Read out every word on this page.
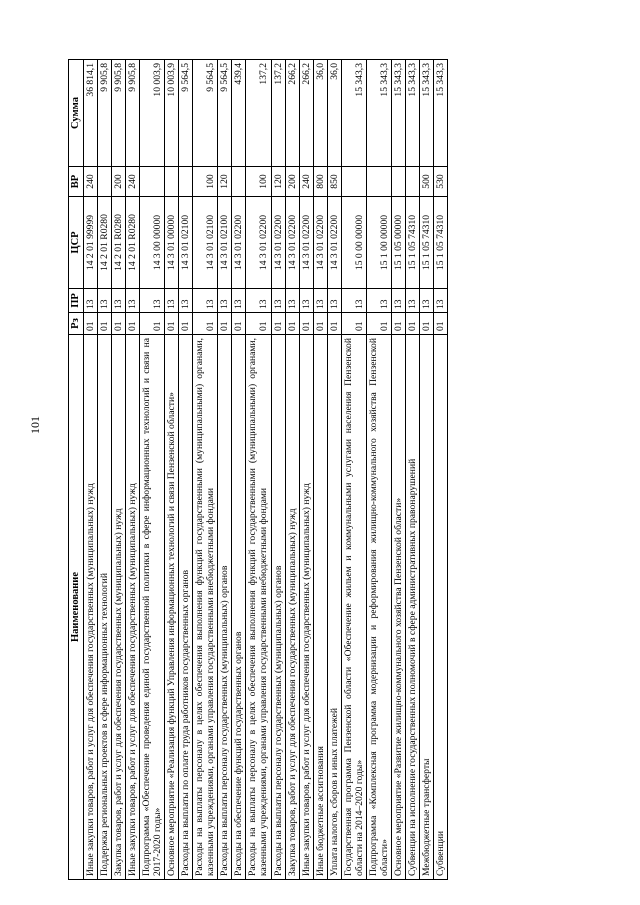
101
Наименование	Рз	ПР	ЦСР	ВР	Сумма
Иные закупки товаров, работ и услуг для обеспечения государственных (муниципальных) нужд	01	13	14 2 01 99999	240	36 814,1
Поддержка региональных проектов в сфере информационных технологий	01	13	14 2 01 R0280		9 905,8
Закупка товаров, работ и услуг для обеспечения государственных (муниципальных) нужд	01	13	14 2 01 R0280	200	9 905,8
Иные закупки товаров, работ и услуг для обеспечения государственных (муниципальных) нужд	01	13	14 2 01 R0280	240	9 905,8
Подпрограмма «Обеспечение проведения единой государственной политики в сфере информационных технологий и связи на 2017-2020 годы»	01	13	14 3 00 00000		10 003,9
Основное мероприятие «Реализация функций Управления информационных технологий и связи Пензенской области»	01	13	14 3 01 00000		10 003,9
Расходы на выплаты по оплате труда работников государственных органов	01	13	14 3 01 02100		9 564,5
Расходы на выплаты персоналу в целях обеспечения выполнения функций государственными (муниципальными) органами, казенными учреждениями, органами управления государственными внебюджетными фондами	01	13	14 3 01 02100	100	9 564,5
Расходы на выплаты персоналу государственных (муниципальных) органов	01	13	14 3 01 02100	120	9 564,5
Расходы на обеспечение функций государственных органов	01	13	14 3 01 02200		439,4
Расходы на выплаты персоналу в целях обеспечения выполнения функций государственными (муниципальными) органами, казенными учреждениями, органами управления государственными внебюджетными фондами	01	13	14 3 01 02200	100	137,2
Расходы на выплаты персоналу государственных (муниципальных) органов	01	13	14 3 01 02200	120	137,2
Закупка товаров, работ и услуг для обеспечения государственных (муниципальных) нужд	01	13	14 3 01 02200	200	266,2
Иные закупки товаров, работ и услуг для обеспечения государственных (муниципальных) нужд	01	13	14 3 01 02200	240	266,2
Иные бюджетные ассигнования	01	13	14 3 01 02200	800	36,0
Уплата налогов, сборов и иных платежей	01	13	14 3 01 02200	850	36,0
Государственная программа Пензенской области «Обеспечение жильем и коммунальными услугами населения Пензенской области на 2014–2020 годы»	01	13	15 0 00 00000		15 343,3
Подпрограмма «Комплексная программа модернизации и реформирования жилищно-коммунального хозяйства Пензенской области»	01	13	15 1 00 00000		15 343,3
Основное мероприятие «Развитие жилищно-коммунального хозяйства Пензенской области»	01	13	15 1 05 00000		15 343,3
Субвенции на исполнение государственных полномочий в сфере административных правонарушений	01	13	15 1 05 74310		15 343,3
Межбюджетные трансферты	01	13	15 1 05 74310	500	15 343,3
Субвенции	01	13	15 1 05 74310	530	15 343,3
